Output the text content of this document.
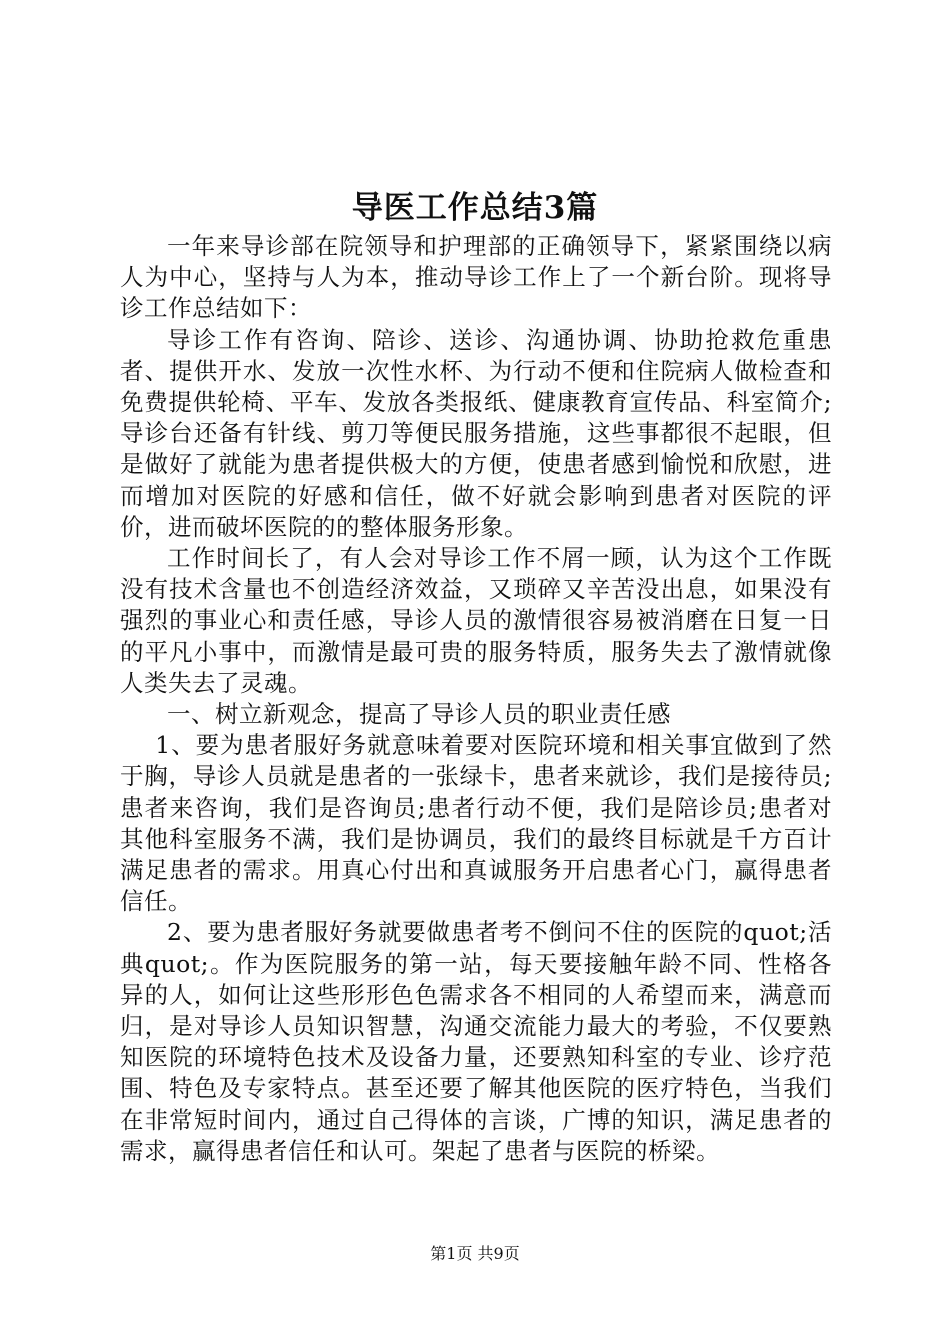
导医工作总结3篇

一年来导诊部在院领导和护理部的正确领导下，紧紧围绕以病人为中心，坚持与人为本，推动导诊工作上了一个新台阶。现将导诊工作总结如下：

导诊工作有咨询、陪诊、送诊、沟通协调、协助抢救危重患者、提供开水、发放一次性水杯、为行动不便和住院病人做检查和免费提供轮椅、平车、发放各类报纸、健康教育宣传品、科室简介;导诊台还备有针线、剪刀等便民服务措施，这些事都很不起眼，但是做好了就能为患者提供极大的方便，使患者感到愉悦和欣慰，进而增加对医院的好感和信任，做不好就会影响到患者对医院的评价，进而破坏医院的的整体服务形象。

工作时间长了，有人会对导诊工作不屑一顾，认为这个工作既没有技术含量也不创造经济效益，又琐碎又辛苦没出息，如果没有强烈的事业心和责任感，导诊人员的激情很容易被消磨在日复一日的平凡小事中，而激情是最可贵的服务特质，服务失去了激情就像人类失去了灵魂。

一、树立新观念，提高了导诊人员的职业责任感

1、要为患者服好务就意味着要对医院环境和相关事宜做到了然于胸，导诊人员就是患者的一张绿卡，患者来就诊，我们是接待员;患者来咨询，我们是咨询员;患者行动不便，我们是陪诊员;患者对其他科室服务不满，我们是协调员，我们的最终目标就是千方百计满足患者的需求。用真心付出和真诚服务开启患者心门，赢得患者信任。

2、要为患者服好务就要做患者考不倒问不住的医院的quot;活典quot;。作为医院服务的第一站，每天要接触年龄不同、性格各异的人，如何让这些形形色色需求各不相同的人希望而来，满意而归，是对导诊人员知识智慧，沟通交流能力最大的考验，不仅要熟知医院的环境特色技术及设备力量，还要熟知科室的专业、诊疗范围、特色及专家特点。甚至还要了解其他医院的医疗特色，当我们在非常短时间内，通过自己得体的言谈，广博的知识，满足患者的需求，赢得患者信任和认可。架起了患者与医院的桥梁。

第1页 共9页
